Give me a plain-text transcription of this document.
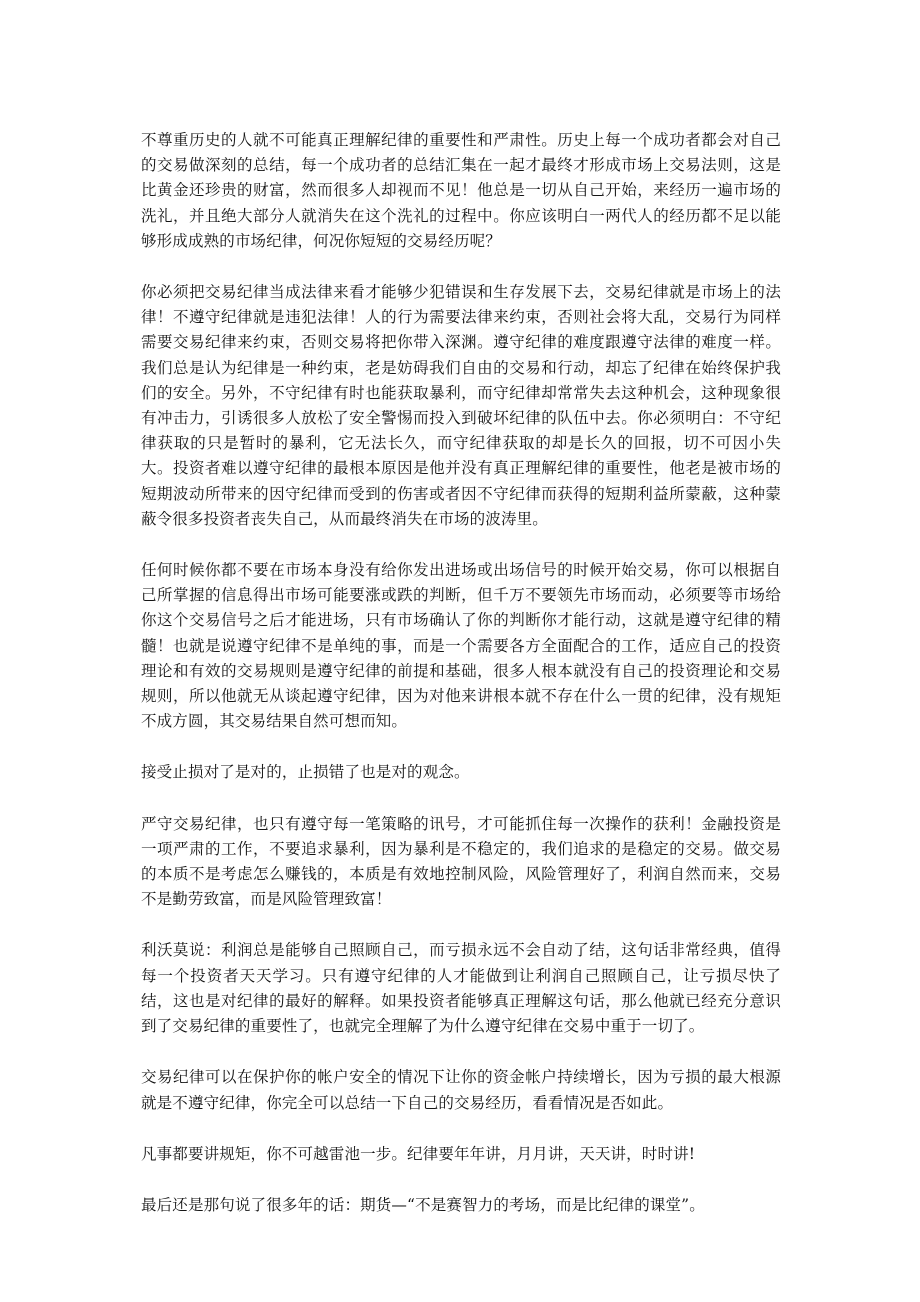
不尊重历史的人就不可能真正理解纪律的重要性和严肃性。历史上每一个成功者都会对自己的交易做深刻的总结，每一个成功者的总结汇集在一起才最终才形成市场上交易法则，这是比黄金还珍贵的财富，然而很多人却视而不见！他总是一切从自己开始，来经历一遍市场的洗礼，并且绝大部分人就消失在这个洗礼的过程中。你应该明白一两代人的经历都不足以能够形成成熟的市场纪律，何况你短短的交易经历呢？

你必须把交易纪律当成法律来看才能够少犯错误和生存发展下去，交易纪律就是市场上的法律！不遵守纪律就是违犯法律！人的行为需要法律来约束，否则社会将大乱，交易行为同样需要交易纪律来约束，否则交易将把你带入深渊。遵守纪律的难度跟遵守法律的难度一样。我们总是认为纪律是一种约束，老是妨碍我们自由的交易和行动，却忘了纪律在始终保护我们的安全。另外，不守纪律有时也能获取暴利，而守纪律却常常失去这种机会，这种现象很有冲击力，引诱很多人放松了安全警惕而投入到破坏纪律的队伍中去。你必须明白：不守纪律获取的只是暂时的暴利，它无法长久，而守纪律获取的却是长久的回报，切不可因小失大。投资者难以遵守纪律的最根本原因是他并没有真正理解纪律的重要性，他老是被市场的短期波动所带来的因守纪律而受到的伤害或者因不守纪律而获得的短期利益所蒙蔽，这种蒙蔽令很多投资者丧失自己，从而最终消失在市场的波涛里。

任何时候你都不要在市场本身没有给你发出进场或出场信号的时候开始交易，你可以根据自己所掌握的信息得出市场可能要涨或跌的判断，但千万不要领先市场而动，必须要等市场给你这个交易信号之后才能进场，只有市场确认了你的判断你才能行动，这就是遵守纪律的精髓！也就是说遵守纪律不是单纯的事，而是一个需要各方全面配合的工作，适应自己的投资理论和有效的交易规则是遵守纪律的前提和基础，很多人根本就没有自己的投资理论和交易规则，所以他就无从谈起遵守纪律，因为对他来讲根本就不存在什么一贯的纪律，没有规矩不成方圆，其交易结果自然可想而知。

接受止损对了是对的，止损错了也是对的观念。

严守交易纪律，也只有遵守每一笔策略的讯号，才可能抓住每一次操作的获利！金融投资是一项严肃的工作，不要追求暴利，因为暴利是不稳定的，我们追求的是稳定的交易。做交易的本质不是考虑怎么赚钱的，本质是有效地控制风险，风险管理好了，利润自然而来，交易不是勤劳致富，而是风险管理致富！

利沃莫说：利润总是能够自己照顾自己，而亏损永远不会自动了结，这句话非常经典，值得每一个投资者天天学习。只有遵守纪律的人才能做到让利润自己照顾自己，让亏损尽快了结，这也是对纪律的最好的解释。如果投资者能够真正理解这句话，那么他就已经充分意识到了交易纪律的重要性了，也就完全理解了为什么遵守纪律在交易中重于一切了。

交易纪律可以在保护你的帐户安全的情况下让你的资金帐户持续增长，因为亏损的最大根源就是不遵守纪律，你完全可以总结一下自己的交易经历，看看情况是否如此。

凡事都要讲规矩，你不可越雷池一步。纪律要年年讲，月月讲，天天讲，时时讲!

最后还是那句说了很多年的话：期货—“不是赛智力的考场，而是比纪律的课堂”。
